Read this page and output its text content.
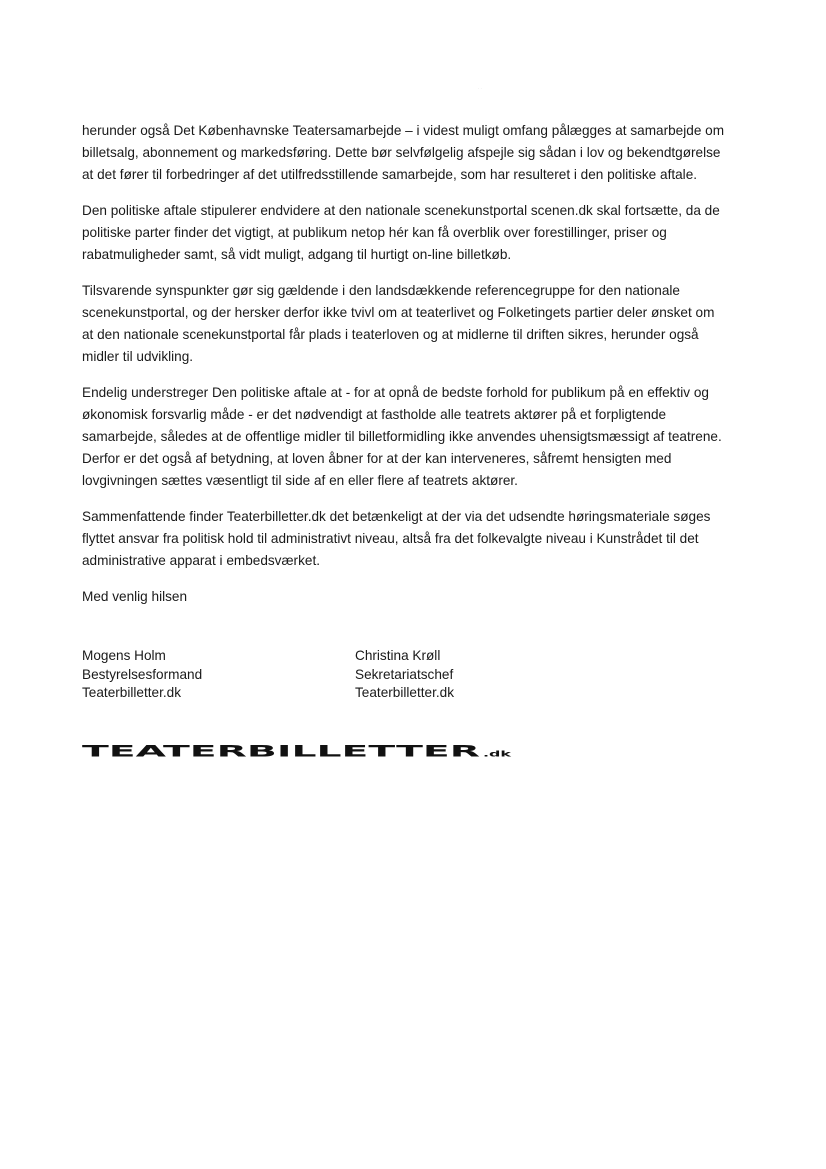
· ·

herunder også Det Københavnske Teatersamarbejde – i videst muligt omfang pålægges at samarbejde om
billetsalg, abonnement og markedsføring. Dette bør selvfølgelig afspejle sig sådan i lov og bekendtgørelse
at det fører til forbedringer af det utilfredsstillende samarbejde, som har resulteret i den politiske aftale.

Den politiske aftale stipulerer endvidere at den nationale scenekunstportal scenen.dk skal fortsætte, da de
politiske parter finder det vigtigt, at publikum netop hér kan få overblik over forestillinger, priser og
rabatmuligheder samt, så vidt muligt, adgang til hurtigt on-line billetkøb.

Tilsvarende synspunkter gør sig gældende i den landsdækkende referencegruppe for den nationale
scenekunstportal, og der hersker derfor ikke tvivl om at teaterlivet og Folketingets partier deler ønsket om
at den nationale scenekunstportal får plads i teaterloven og at midlerne til driften sikres, herunder også
midler til udvikling.

Endelig understreger Den politiske aftale at - for at opnå de bedste forhold for publikum på en effektiv og
økonomisk forsvarlig måde - er det nødvendigt at fastholde alle teatrets aktører på et forpligtende
samarbejde, således at de offentlige midler til billetformidling ikke anvendes uhensigtsmæssigt af teatrene.
Derfor er det også af betydning, at loven åbner for at der kan interveneres, såfremt hensigten med
lovgivningen sættes væsentligt til side af en eller flere af teatrets aktører.

Sammenfattende finder Teaterbilletter.dk det betænkeligt at der via det udsendte høringsmateriale søges
flyttet ansvar fra politisk hold til administrativt niveau, altså fra det folkevalgte niveau i Kunstrådet til det
administrative apparat i embedsværket.

Med venlig hilsen

Mogens Holm
Bestyrelsesformand
Teaterbilletter.dk
Christina Krøll
Sekretariatschef
Teaterbilletter.dk
TEATERBILLETTER .dk
